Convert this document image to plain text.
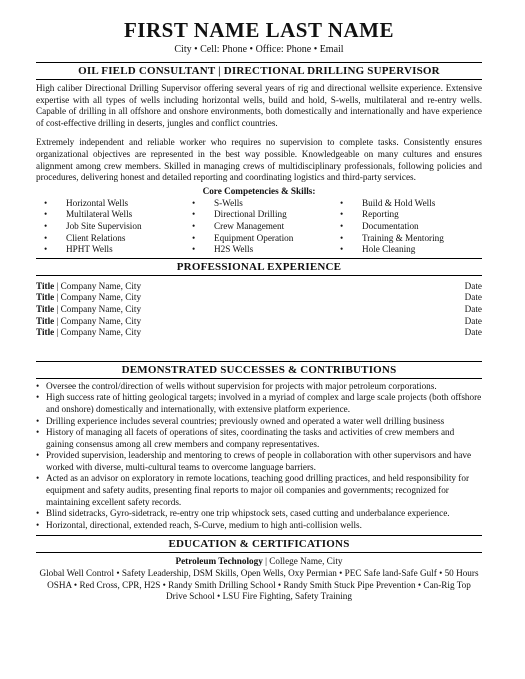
FIRST NAME LAST NAME
City • Cell: Phone • Office: Phone • Email
OIL FIELD CONSULTANT | DIRECTIONAL DRILLING SUPERVISOR
High caliber Directional Drilling Supervisor offering several years of rig and directional wellsite experience. Extensive expertise with all types of wells including horizontal wells, build and hold, S-wells, multilateral and re-entry wells. Capable of drilling in all offshore and onshore environments, both domestically and internationally and have experience of cost-effective drilling in deserts, jungles and conflict countries.
Extremely independent and reliable worker who requires no supervision to complete tasks. Consistently ensures organizational objectives are represented in the best way possible. Knowledgeable on many cultures and ensures alignment among crew members. Skilled in managing crews of multidisciplinary professionals, following policies and procedures, delivering honest and detailed reporting and coordinating logistics and third-party services.
Core Competencies & Skills:
•	Horizontal Wells
•	Multilateral Wells
•	Job Site Supervision
•	Client Relations
•	HPHT Wells
•	S-Wells
•	Directional Drilling
•	Crew Management
•	Equipment Operation
•	H2S Wells
•	Build & Hold Wells
•	Reporting
•	Documentation
•	Training & Mentoring
•	Hole Cleaning
PROFESSIONAL EXPERIENCE
Title | Company Name, City	Date
Title | Company Name, City	Date
Title | Company Name, City	Date
Title | Company Name, City	Date
Title | Company Name, City	Date
DEMONSTRATED SUCCESSES & CONTRIBUTIONS
• Oversee the control/direction of wells without supervision for projects with major petroleum corporations.
• High success rate of hitting geological targets; involved in a myriad of complex and large scale projects (both offshore and onshore) domestically and internationally, with extensive platform experience.
• Drilling experience includes several countries; previously owned and operated a water well drilling business
• History of managing all facets of operations of sites, coordinating the tasks and activities of crew members and gaining consensus among all crew members and company representatives.
• Provided supervision, leadership and mentoring to crews of people in collaboration with other supervisors and have worked with diverse, multi-cultural teams to overcome language barriers.
• Acted as an advisor on exploratory in remote locations, teaching good drilling practices, and held responsibility for equipment and safety audits, presenting final reports to major oil companies and governments; recognized for maintaining excellent safety records.
• Blind sidetracks, Gyro-sidetrack, re-entry one trip whipstock sets, cased cutting and underbalance experience.
• Horizontal, directional, extended reach, S-Curve, medium to high anti-collision wells.
EDUCATION & CERTIFICATIONS
Petroleum Technology | College Name, City
Global Well Control • Safety Leadership, DSM Skills, Open Wells, Oxy Permian • PEC Safe land-Safe Gulf • 50 Hours OSHA • Red Cross, CPR, H2S • Randy Smith Drilling School • Randy Smith Stuck Pipe Prevention • Can-Rig Top Drive School • LSU Fire Fighting, Safety Training
